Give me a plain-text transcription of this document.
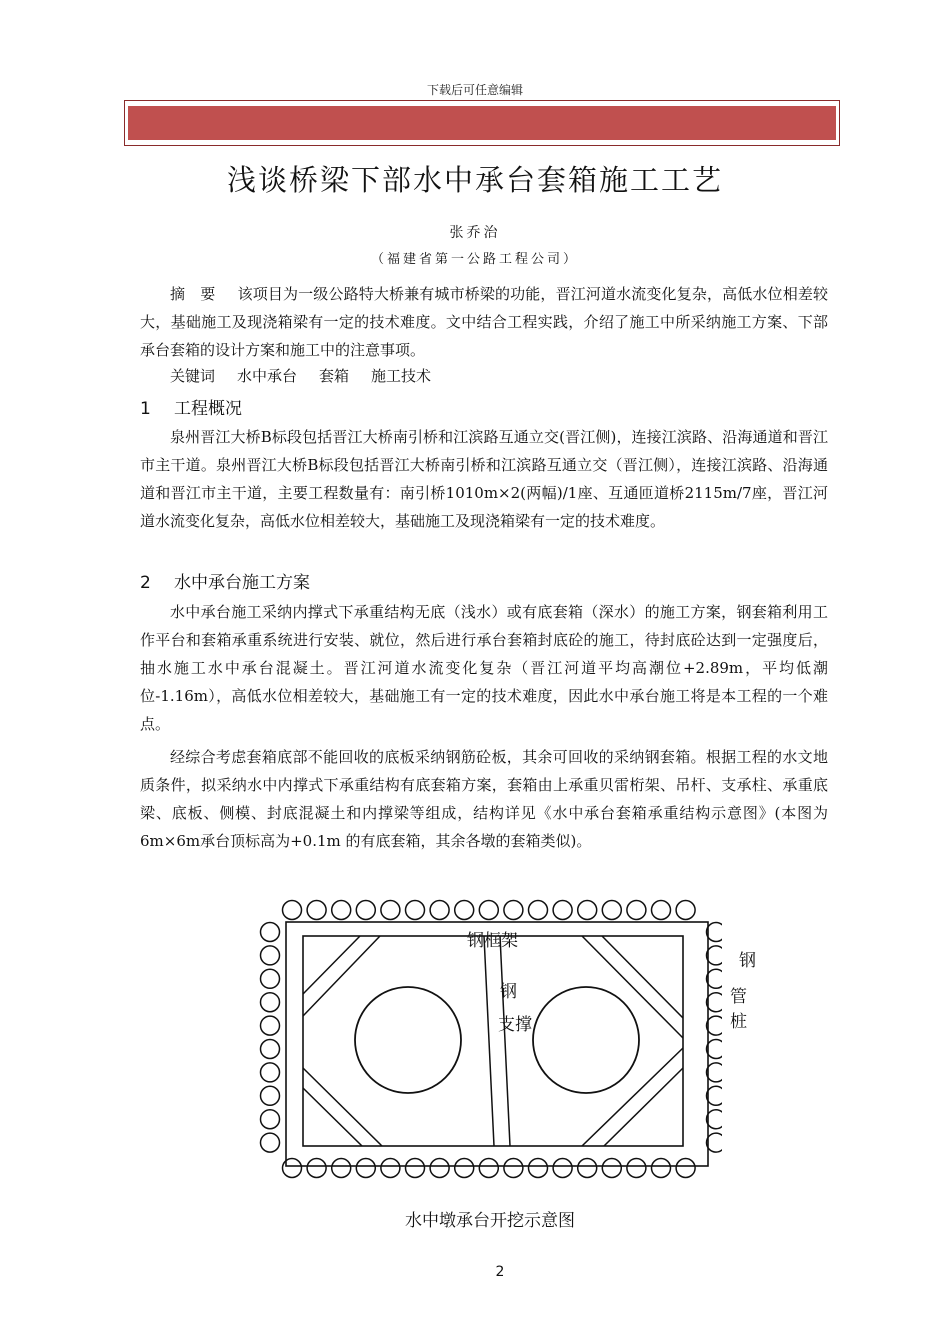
下载后可任意编辑
浅谈桥梁下部水中承台套箱施工工艺
张乔治
（福建省第一公路工程公司）

摘　要 该项目为一级公路特大桥兼有城市桥梁的功能，晋江河道水流变化复杂，高低水位相差较大，基础施工及现浇箱梁有一定的技术难度。文中结合工程实践，介绍了施工中所采纳施工方案、下部承台套箱的设计方案和施工中的注意事项。

关键词 水中承台 套箱 施工技术

1 工程概况

泉州晋江大桥B标段包括晋江大桥南引桥和江滨路互通立交(晋江侧)，连接江滨路、沿海通道和晋江市主干道。泉州晋江大桥B标段包括晋江大桥南引桥和江滨路互通立交（晋江侧），连接江滨路、沿海通道和晋江市主干道，主要工程数量有：南引桥1010m×2(两幅)/1座、互通匝道桥2115m/7座，晋江河道水流变化复杂，高低水位相差较大，基础施工及现浇箱梁有一定的技术难度。

2 水中承台施工方案

水中承台施工采纳内撑式下承重结构无底（浅水）或有底套箱（深水）的施工方案，钢套箱利用工作平台和套箱承重系统进行安装、就位，然后进行承台套箱封底砼的施工，待封底砼达到一定强度后，抽水施工水中承台混凝土。晋江河道水流变化复杂（晋江河道平均高潮位+2.89m，平均低潮位-1.16m），高低水位相差较大，基础施工有一定的技术难度，因此水中承台施工将是本工程的一个难点。

经综合考虑套箱底部不能回收的底板采纳钢筋砼板，其余可回收的采纳钢套箱。根据工程的水文地质条件，拟采纳水中内撑式下承重结构有底套箱方案，套箱由上承重贝雷桁架、吊杆、支承柱、承重底梁、底板、侧模、封底混凝土和内撑梁等组成，结构详见《水中承台套箱承重结构示意图》(本图为6m×6m承台顶标高为+0.1m 的有底套箱，其余各墩的套箱类似)。

钢框架
钢
支撑
钢
管桩
水中墩承台开挖示意图
2
